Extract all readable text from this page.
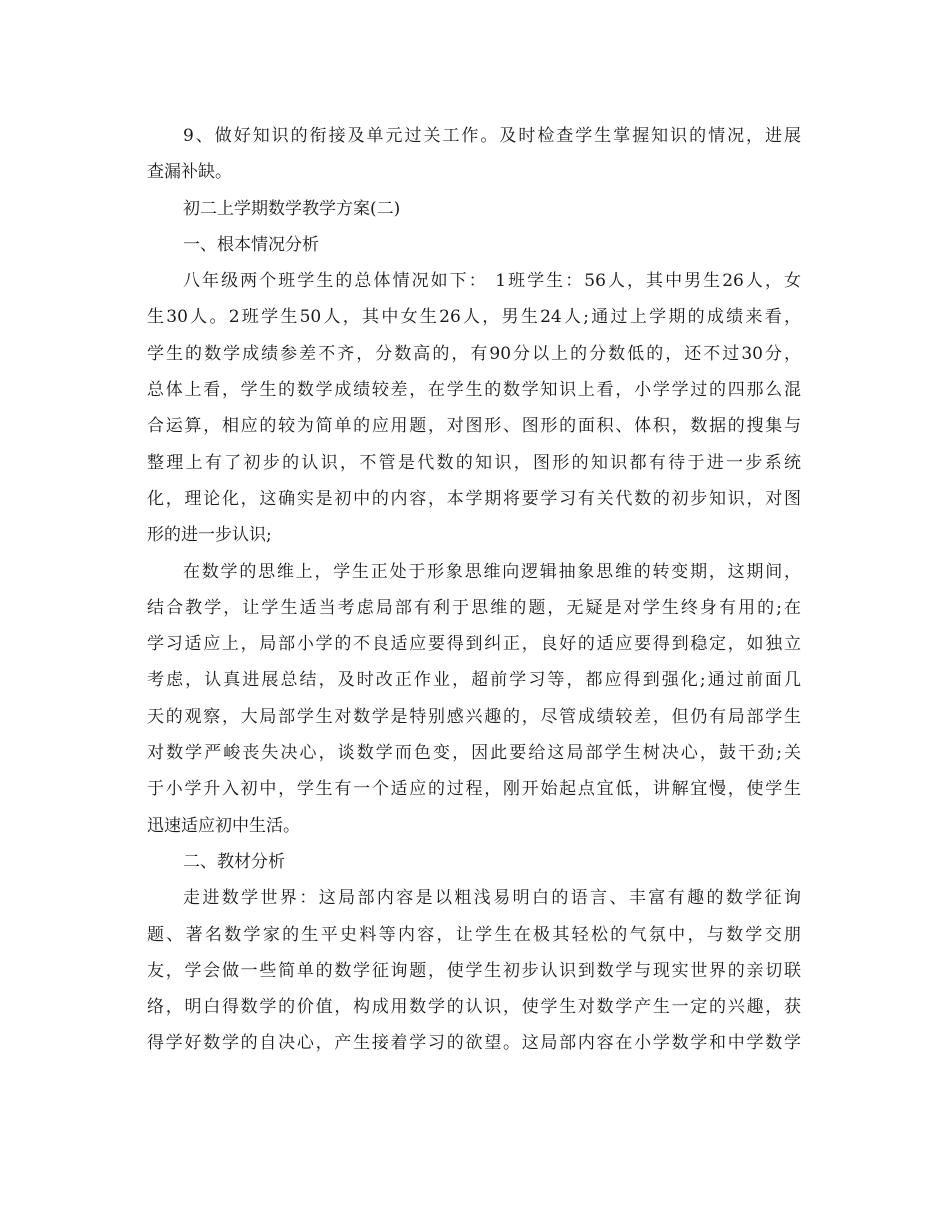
9、做好知识的衔接及单元过关工作。及时检查学生掌握知识的情况，进展
查漏补缺。
初二上学期数学教学方案(二)
一、根本情况分析
八年级两个班学生的总体情况如下： 1班学生：56人，其中男生26人，女
生30人。2班学生50人，其中女生26人，男生24人;通过上学期的成绩来看，
学生的数学成绩参差不齐，分数高的，有90分以上的分数低的，还不过30分，
总体上看，学生的数学成绩较差，在学生的数学知识上看，小学学过的四那么混
合运算，相应的较为简单的应用题，对图形、图形的面积、体积，数据的搜集与
整理上有了初步的认识，不管是代数的知识，图形的知识都有待于进一步系统
化，理论化，这确实是初中的内容，本学期将要学习有关代数的初步知识，对图
形的进一步认识;
在数学的思维上，学生正处于形象思维向逻辑抽象思维的转变期，这期间，
结合教学，让学生适当考虑局部有利于思维的题，无疑是对学生终身有用的;在
学习适应上，局部小学的不良适应要得到纠正，良好的适应要得到稳定，如独立
考虑，认真进展总结，及时改正作业，超前学习等，都应得到强化;通过前面几
天的观察，大局部学生对数学是特别感兴趣的，尽管成绩较差，但仍有局部学生
对数学严峻丧失决心，谈数学而色变，因此要给这局部学生树决心，鼓干劲;关
于小学升入初中，学生有一个适应的过程，刚开始起点宜低，讲解宜慢，使学生
迅速适应初中生活。
二、教材分析
走进数学世界：这局部内容是以粗浅易明白的语言、丰富有趣的数学征询
题、著名数学家的生平史料等内容，让学生在极其轻松的气氛中，与数学交朋
友，学会做一些简单的数学征询题，使学生初步认识到数学与现实世界的亲切联
络，明白得数学的价值，构成用数学的认识，使学生对数学产生一定的兴趣，获
得学好数学的自决心，产生接着学习的欲望。这局部内容在小学数学和中学数学
